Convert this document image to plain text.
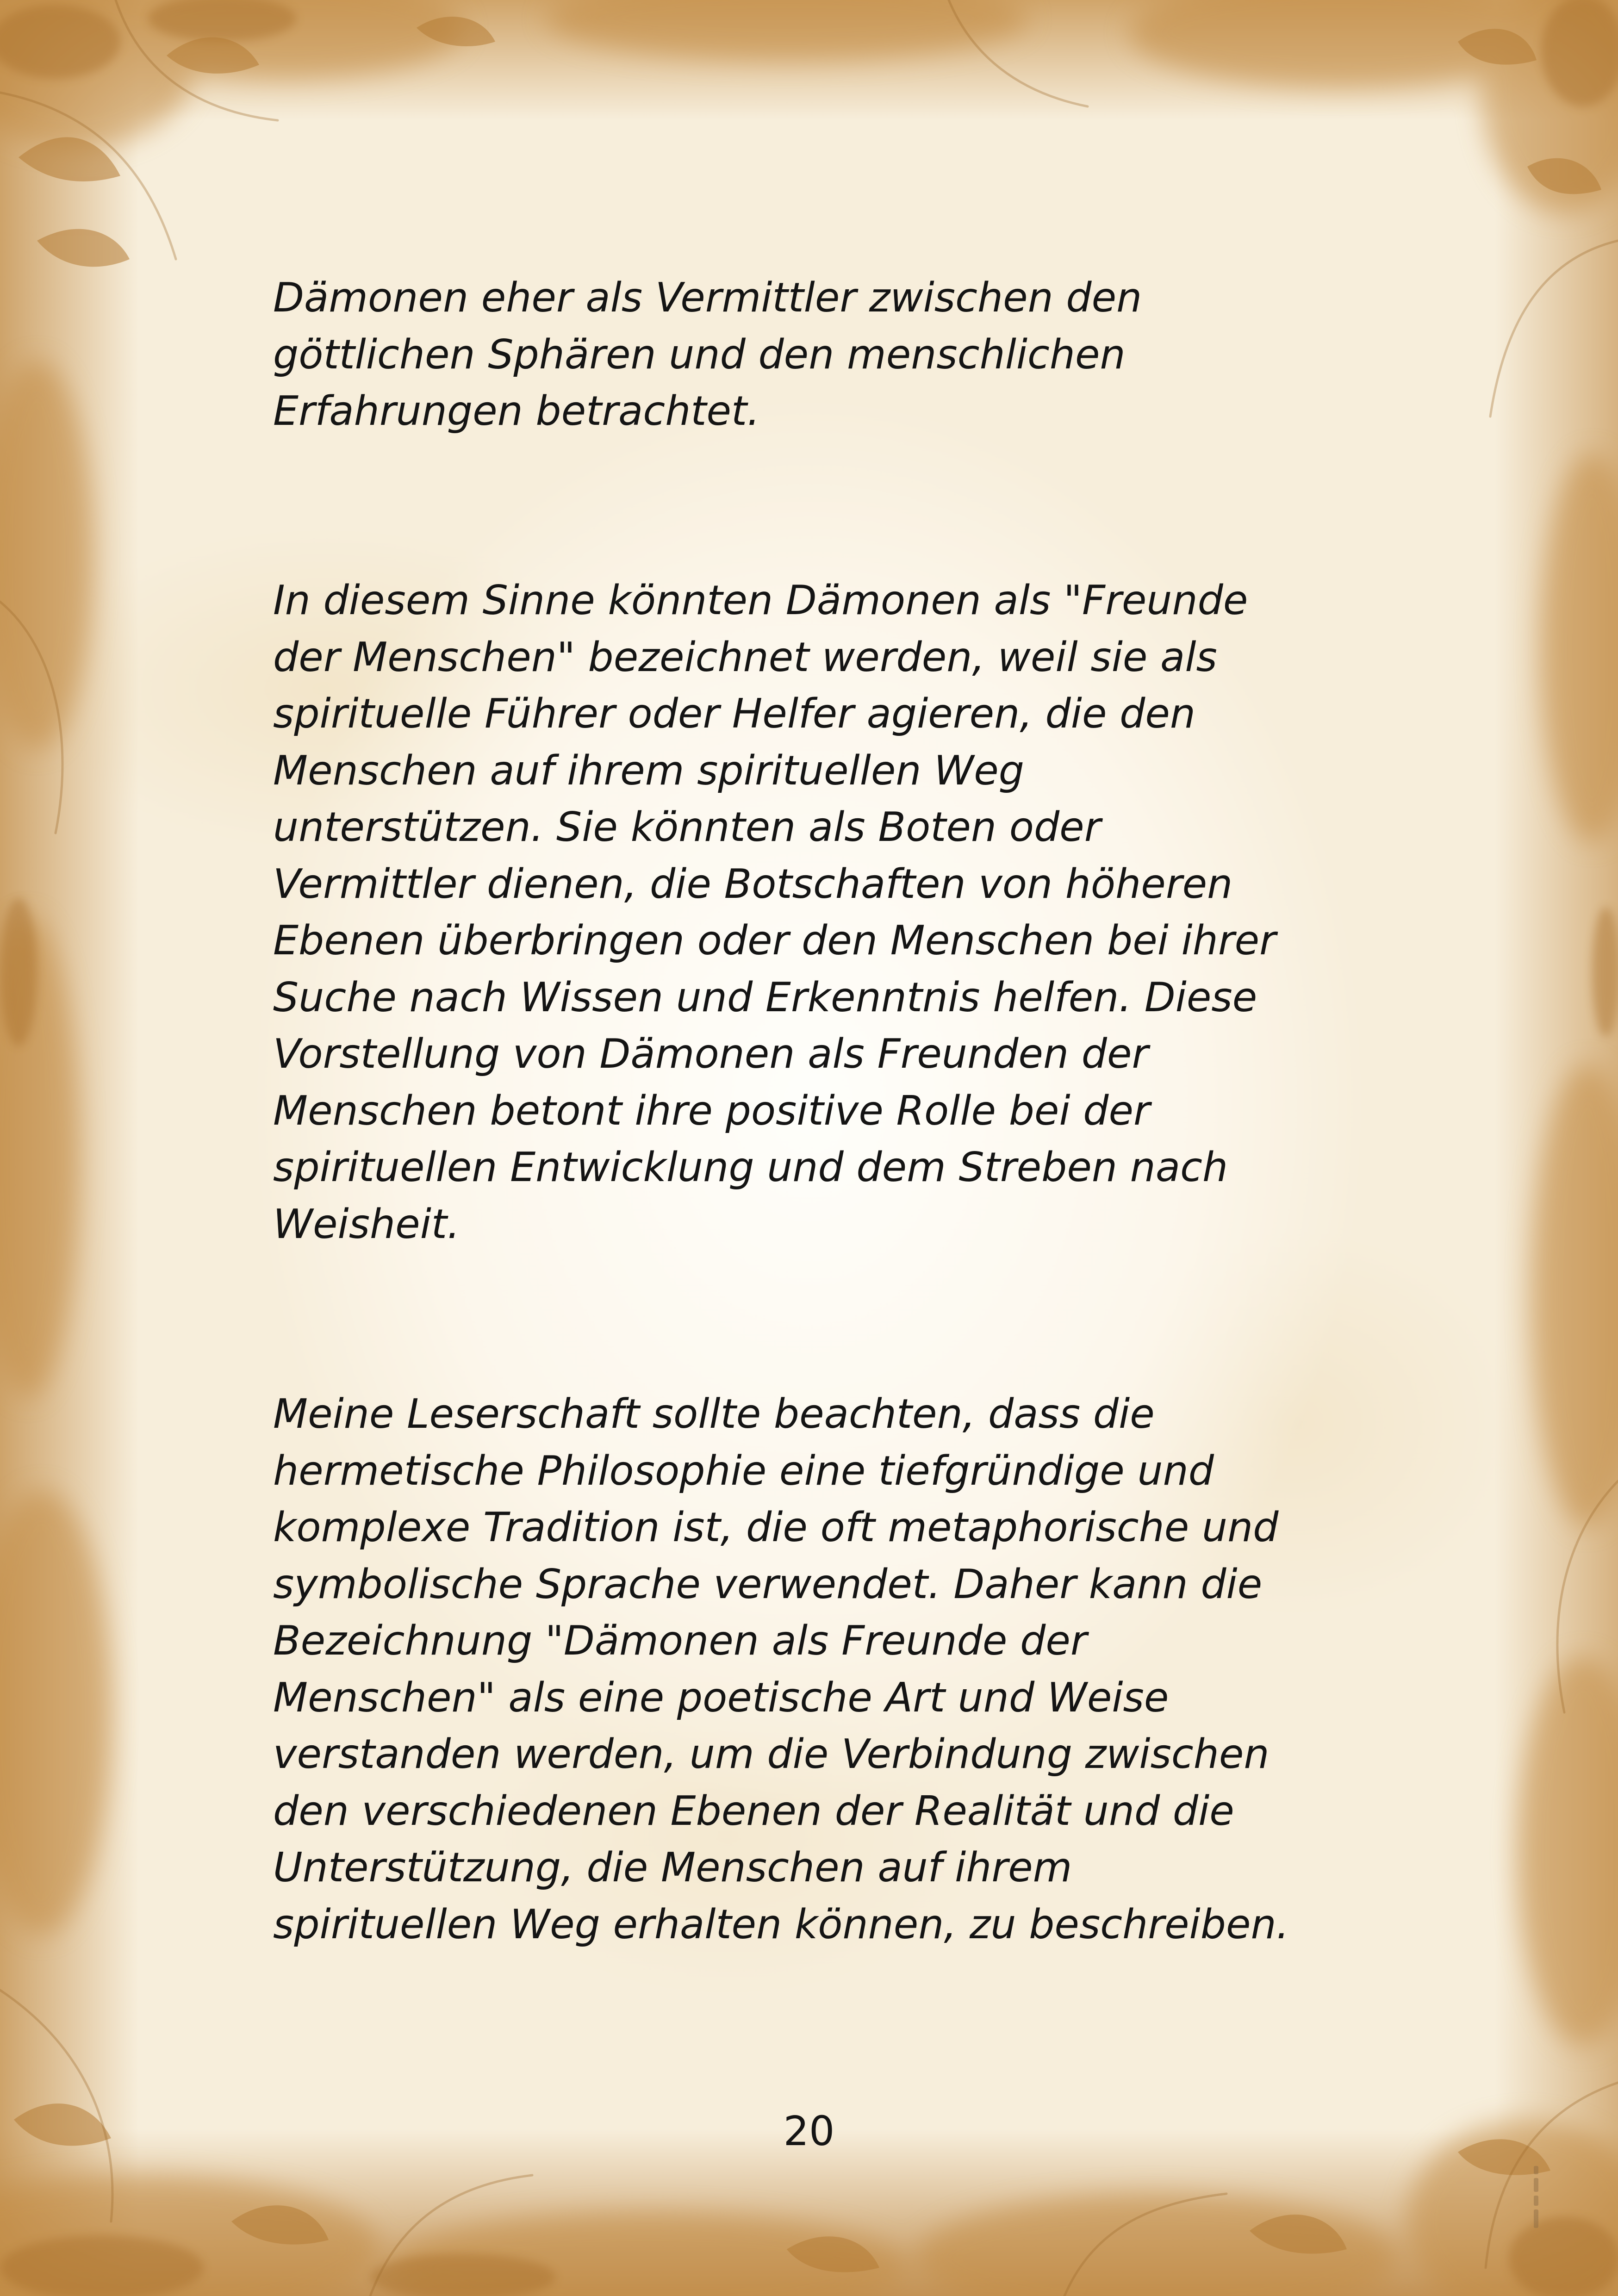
Dämonen eher als Vermittler zwischen den
göttlichen Sphären und den menschlichen
Erfahrungen betrachtet.
In diesem Sinne könnten Dämonen als "Freunde
der Menschen" bezeichnet werden, weil sie als
spirituelle Führer oder Helfer agieren, die den
Menschen auf ihrem spirituellen Weg
unterstützen. Sie könnten als Boten oder
Vermittler dienen, die Botschaften von höheren
Ebenen überbringen oder den Menschen bei ihrer
Suche nach Wissen und Erkenntnis helfen. Diese
Vorstellung von Dämonen als Freunden der
Menschen betont ihre positive Rolle bei der
spirituellen Entwicklung und dem Streben nach
Weisheit.
Meine Leserschaft sollte beachten, dass die
hermetische Philosophie eine tiefgründige und
komplexe Tradition ist, die oft metaphorische und
symbolische Sprache verwendet. Daher kann die
Bezeichnung "Dämonen als Freunde der
Menschen" als eine poetische Art und Weise
verstanden werden, um die Verbindung zwischen
den verschiedenen Ebenen der Realität und die
Unterstützung, die Menschen auf ihrem
spirituellen Weg erhalten können, zu beschreiben.
20
